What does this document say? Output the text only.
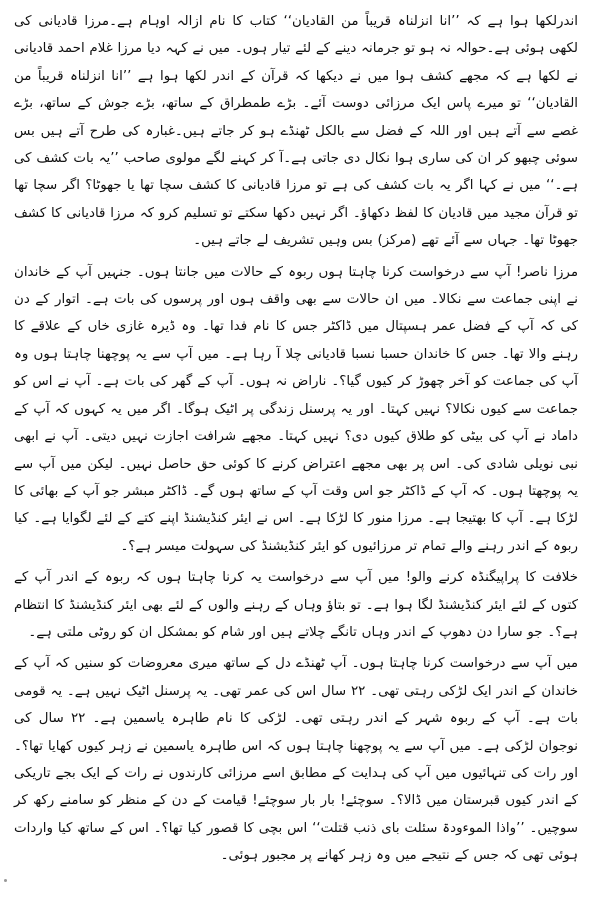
اندرلکھا ہوا ہے کہ ’’انا انزلناہ قریباً من القادیان‘‘ کتاب کا نام ازالہ اوہام ہے۔مرزا قادیانی کی لکھی ہوئی ہے۔حوالہ نہ ہو تو جرمانہ دینے کے لئے تیار ہوں۔ میں نے کہہ دیا مرزا غلام احمد قادیانی نے لکھا ہے کہ مجھے کشف ہوا میں نے دیکھا کہ قرآن کے اندر لکھا ہوا ہے ’’انا انزلناہ قریباً من القادیان‘‘ تو میرے پاس ایک مرزائی دوست آئے۔ بڑے طمطراق کے ساتھ، بڑے جوش کے ساتھ، بڑے غصے سے آتے ہیں اور اللہ کے فضل سے بالکل ٹھنڈے ہو کر جاتے ہیں۔غبارہ کی طرح آتے ہیں بس سوئی چبھو کر ان کی ساری ہوا نکال دی جاتی ہے۔آ کر کہنے لگے مولوی صاحب ’’یہ بات کشف کی ہے۔‘‘ میں نے کہا اگر یہ بات کشف کی ہے تو مرزا قادیانی کا کشف سچا تھا یا جھوٹا؟ اگر سچا تھا تو قرآن مجید میں قادیان کا لفظ دکھاؤ۔ اگر نہیں دکھا سکتے تو تسلیم کرو کہ مرزا قادیانی کا کشف جھوٹا تھا۔ جہاں سے آئے تھے (مرکز) بس وہیں تشریف لے جاتے ہیں۔

مرزا ناصر! آپ سے درخواست کرنا چاہتا ہوں ربوہ کے حالات میں جانتا ہوں۔ جنہیں آپ کے خاندان نے اپنی جماعت سے نکالا۔ میں ان حالات سے بھی واقف ہوں اور پرسوں کی بات ہے۔ اتوار کے دن کی کہ آپ کے فضل عمر ہسپتال میں ڈاکٹر جس کا نام فدا تھا۔ وہ ڈیرہ غازی خاں کے علاقے کا رہنے والا تھا۔ جس کا خاندان حسبا نسبا قادیانی چلا آ رہا ہے۔ میں آپ سے یہ پوچھنا چاہتا ہوں وہ آپ کی جماعت کو آخر چھوڑ کر کیوں گیا؟۔ ناراض نہ ہوں۔ آپ کے گھر کی بات ہے۔ آپ نے اس کو جماعت سے کیوں نکالا؟ نہیں کہتا۔ اور یہ پرسنل زندگی پر اٹیک ہوگا۔ اگر میں یہ کہوں کہ آپ کے داماد نے آپ کی بیٹی کو طلاق کیوں دی؟ نہیں کہتا۔ مجھے شرافت اجازت نہیں دیتی۔ آپ نے ابھی نبی نویلی شادی کی۔ اس پر بھی مجھے اعتراض کرنے کا کوئی حق حاصل نہیں۔ لیکن میں آپ سے یہ پوچھتا ہوں۔ کہ آپ کے ڈاکٹر جو اس وقت آپ کے ساتھ ہوں گے۔ ڈاکٹر مبشر جو آپ کے بھائی کا لڑکا ہے۔ آپ کا بھتیجا ہے۔ مرزا منور کا لڑکا ہے۔ اس نے ایئر کنڈیشنڈ اپنے کتے کے لئے لگوایا ہے۔ کیا ربوہ کے اندر رہنے والے تمام تر مرزائیوں کو ایئر کنڈیشنڈ کی سہولت میسر ہے؟۔

خلافت کا پراپیگنڈہ کرنے والو! میں آپ سے درخواست یہ کرنا چاہتا ہوں کہ ربوہ کے اندر آپ کے کتوں کے لئے ایئر کنڈیشنڈ لگا ہوا ہے۔ تو بتاؤ وہاں کے رہنے والوں کے لئے بھی ایئر کنڈیشنڈ کا انتظام ہے؟۔ جو سارا دن دھوپ کے اندر وہاں تانگے چلاتے ہیں اور شام کو بمشکل ان کو روٹی ملتی ہے۔

میں آپ سے درخواست کرنا چاہتا ہوں۔ آپ ٹھنڈے دل کے ساتھ میری معروضات کو سنیں کہ آپ کے خاندان کے اندر ایک لڑکی رہتی تھی۔ ۲۲ سال اس کی عمر تھی۔ یہ پرسنل اٹیک نہیں ہے۔ یہ قومی بات ہے۔ آپ کے ربوہ شہر کے اندر رہتی تھی۔ لڑکی کا نام طاہرہ یاسمین ہے۔ ۲۲ سال کی نوجوان لڑکی ہے۔ میں آپ سے یہ پوچھنا چاہتا ہوں کہ اس طاہرہ یاسمین نے زہر کیوں کھایا تھا؟۔ اور رات کی تنہائیوں میں آپ کی ہدایت کے مطابق اسے مرزائی کارندوں نے رات کے ایک بجے تاریکی کے اندر کیوں قبرستان میں ڈالا؟۔ سوچئے! بار بار سوچئے! قیامت کے دن کے منظر کو سامنے رکھ کر سوچیں۔ ’’واذا الموءودۃ سئلت بای ذنب قتلت‘‘ اس بچی کا قصور کیا تھا؟۔ اس کے ساتھ کیا واردات ہوئی تھی کہ جس کے نتیجے میں وہ زہر کھانے پر مجبور ہوئی۔
